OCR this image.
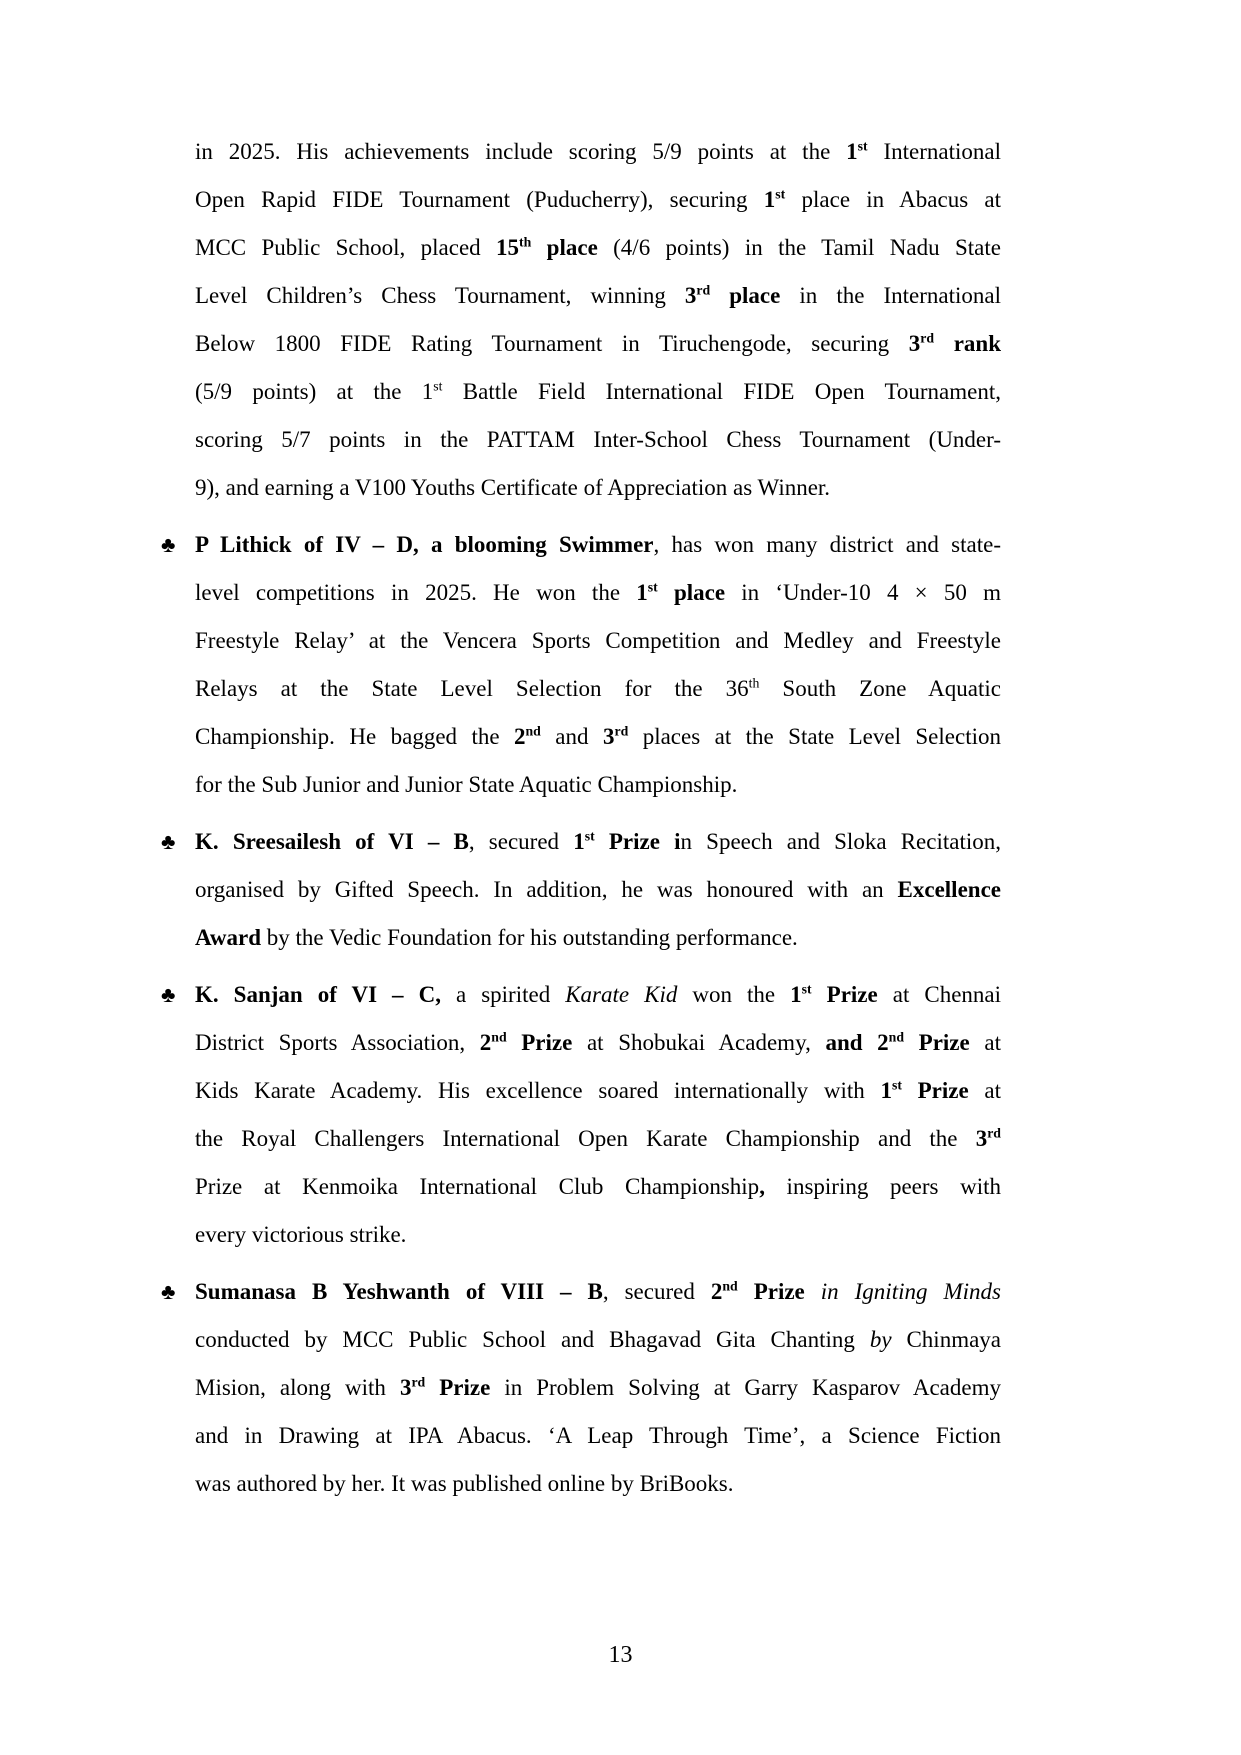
in 2025. His achievements include scoring 5/9 points at the 1st International
Open Rapid FIDE Tournament (Puducherry), securing 1st place in Abacus at
MCC Public School, placed 15th place (4/6 points) in the Tamil Nadu State
Level Children’s Chess Tournament, winning 3rd place in the International
Below 1800 FIDE Rating Tournament in Tiruchengode, securing 3rd rank
(5/9 points) at the 1st Battle Field International FIDE Open Tournament,
scoring 5/7 points in the PATTAM Inter-School Chess Tournament (Under-
9), and earning a V100 Youths Certificate of Appreciation as Winner.
♣ P Lithick of IV – D, a blooming Swimmer, has won many district and state-
level competitions in 2025. He won the 1st place in ‘Under-10 4 × 50 m
Freestyle Relay’ at the Vencera Sports Competition and Medley and Freestyle
Relays at the State Level Selection for the 36th South Zone Aquatic
Championship. He bagged the 2nd and 3rd places at the State Level Selection
for the Sub Junior and Junior State Aquatic Championship.
♣ K. Sreesailesh of VI – B, secured 1st Prize in Speech and Sloka Recitation,
organised by Gifted Speech. In addition, he was honoured with an Excellence
Award by the Vedic Foundation for his outstanding performance.
♣ K. Sanjan of VI – C, a spirited Karate Kid won the 1st Prize at Chennai
District Sports Association, 2nd Prize at Shobukai Academy, and 2nd Prize at
Kids Karate Academy. His excellence soared internationally with 1st Prize at
the Royal Challengers International Open Karate Championship and the 3rd
Prize at Kenmoika International Club Championship, inspiring peers with
every victorious strike.
♣ Sumanasa B Yeshwanth of VIII – B, secured 2nd Prize in Igniting Minds
conducted by MCC Public School and Bhagavad Gita Chanting by Chinmaya
Mision, along with 3rd Prize in Problem Solving at Garry Kasparov Academy
and in Drawing at IPA Abacus. ‘A Leap Through Time’, a Science Fiction
was authored by her. It was published online by BriBooks.
13
